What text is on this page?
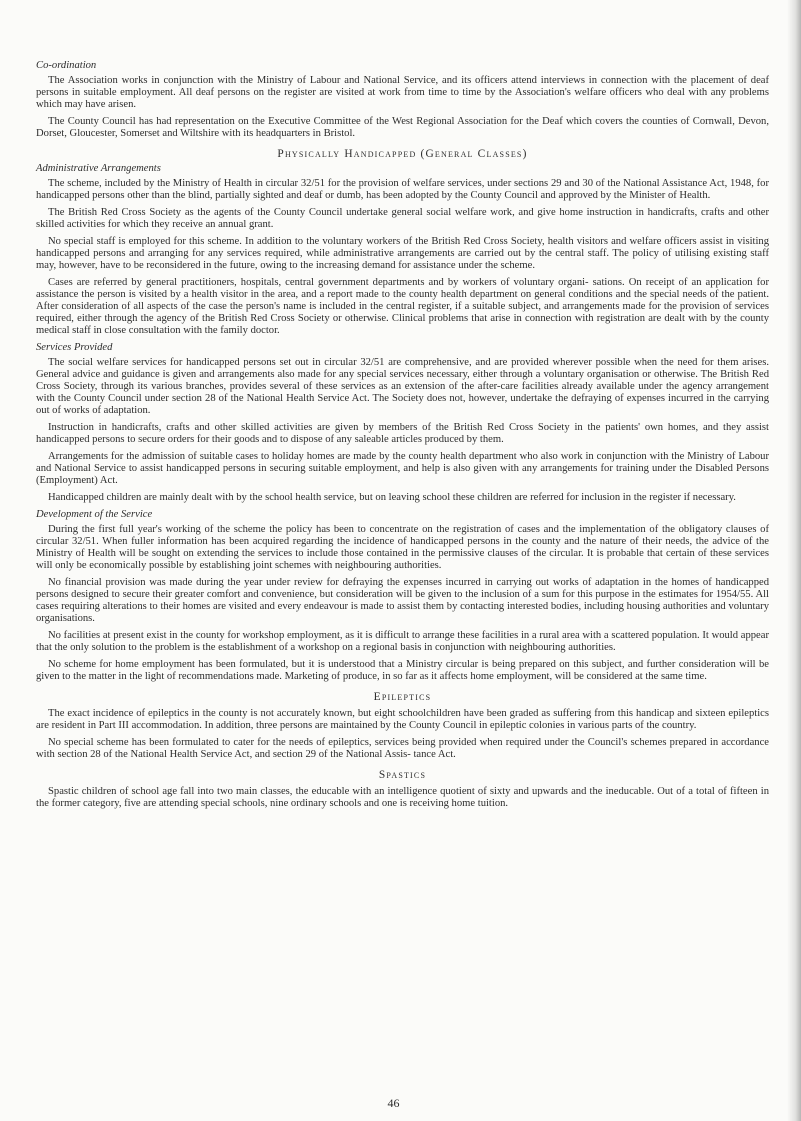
Co-ordination

The Association works in conjunction with the Ministry of Labour and National Service, and its officers attend interviews in connection with the placement of deaf persons in suitable employment. All deaf persons on the register are visited at work from time to time by the Association's welfare officers who deal with any problems which may have arisen.

The County Council has had representation on the Executive Committee of the West Regional Association for the Deaf which covers the counties of Cornwall, Devon, Dorset, Gloucester, Somerset and Wiltshire with its headquarters in Bristol.

Physically Handicapped (General Classes)
Administrative Arrangements

The scheme, included by the Ministry of Health in circular 32/51 for the provision of welfare services, under sections 29 and 30 of the National Assistance Act, 1948, for handicapped persons other than the blind, partially sighted and deaf or dumb, has been adopted by the County Council and approved by the Minister of Health.

The British Red Cross Society as the agents of the County Council undertake general social welfare work, and give home instruction in handicrafts, crafts and other skilled activities for which they receive an annual grant.

No special staff is employed for this scheme. In addition to the voluntary workers of the British Red Cross Society, health visitors and welfare officers assist in visiting handicapped persons and arranging for any services required, while administrative arrangements are carried out by the central staff. The policy of utilising existing staff may, however, have to be reconsidered in the future, owing to the increasing demand for assistance under the scheme.

Cases are referred by general practitioners, hospitals, central government departments and by workers of voluntary organi- sations. On receipt of an application for assistance the person is visited by a health visitor in the area, and a report made to the county health department on general conditions and the special needs of the patient. After consideration of all aspects of the case the person's name is included in the central register, if a suitable subject, and arrangements made for the provision of services required, either through the agency of the British Red Cross Society or otherwise. Clinical problems that arise in connection with registration are dealt with by the county medical staff in close consultation with the family doctor.

Services Provided

The social welfare services for handicapped persons set out in circular 32/51 are comprehensive, and are provided wherever possible when the need for them arises. General advice and guidance is given and arrangements also made for any special services necessary, either through a voluntary organisation or otherwise. The British Red Cross Society, through its various branches, provides several of these services as an extension of the after-care facilities already available under the agency arrangement with the County Council under section 28 of the National Health Service Act. The Society does not, however, undertake the defraying of expenses incurred in the carrying out of works of adaptation.

Instruction in handicrafts, crafts and other skilled activities are given by members of the British Red Cross Society in the patients' own homes, and they assist handicapped persons to secure orders for their goods and to dispose of any saleable articles produced by them.

Arrangements for the admission of suitable cases to holiday homes are made by the county health department who also work in conjunction with the Ministry of Labour and National Service to assist handicapped persons in securing suitable employment, and help is also given with any arrangements for training under the Disabled Persons (Employment) Act.

Handicapped children are mainly dealt with by the school health service, but on leaving school these children are referred for inclusion in the register if necessary.

Development of the Service

During the first full year's working of the scheme the policy has been to concentrate on the registration of cases and the implementation of the obligatory clauses of circular 32/51. When fuller information has been acquired regarding the incidence of handicapped persons in the county and the nature of their needs, the advice of the Ministry of Health will be sought on extending the services to include those contained in the permissive clauses of the circular. It is probable that certain of these services will only be economically possible by establishing joint schemes with neighbouring authorities.

No financial provision was made during the year under review for defraying the expenses incurred in carrying out works of adaptation in the homes of handicapped persons designed to secure their greater comfort and convenience, but consideration will be given to the inclusion of a sum for this purpose in the estimates for 1954/55. All cases requiring alterations to their homes are visited and every endeavour is made to assist them by contacting interested bodies, including housing authorities and voluntary organisations.

No facilities at present exist in the county for workshop employment, as it is difficult to arrange these facilities in a rural area with a scattered population. It would appear that the only solution to the problem is the establishment of a workshop on a regional basis in conjunction with neighbouring authorities.

No scheme for home employment has been formulated, but it is understood that a Ministry circular is being prepared on this subject, and further consideration will be given to the matter in the light of recommendations made. Marketing of produce, in so far as it affects home employment, will be considered at the same time.

Epileptics

The exact incidence of epileptics in the county is not accurately known, but eight schoolchildren have been graded as suffering from this handicap and sixteen epileptics are resident in Part III accommodation. In addition, three persons are maintained by the County Council in epileptic colonies in various parts of the country.

No special scheme has been formulated to cater for the needs of epileptics, services being provided when required under the Council's schemes prepared in accordance with section 28 of the National Health Service Act, and section 29 of the National Assis- tance Act.

Spastics

Spastic children of school age fall into two main classes, the educable with an intelligence quotient of sixty and upwards and the ineducable. Out of a total of fifteen in the former category, five are attending special schools, nine ordinary schools and one is receiving home tuition.

46
